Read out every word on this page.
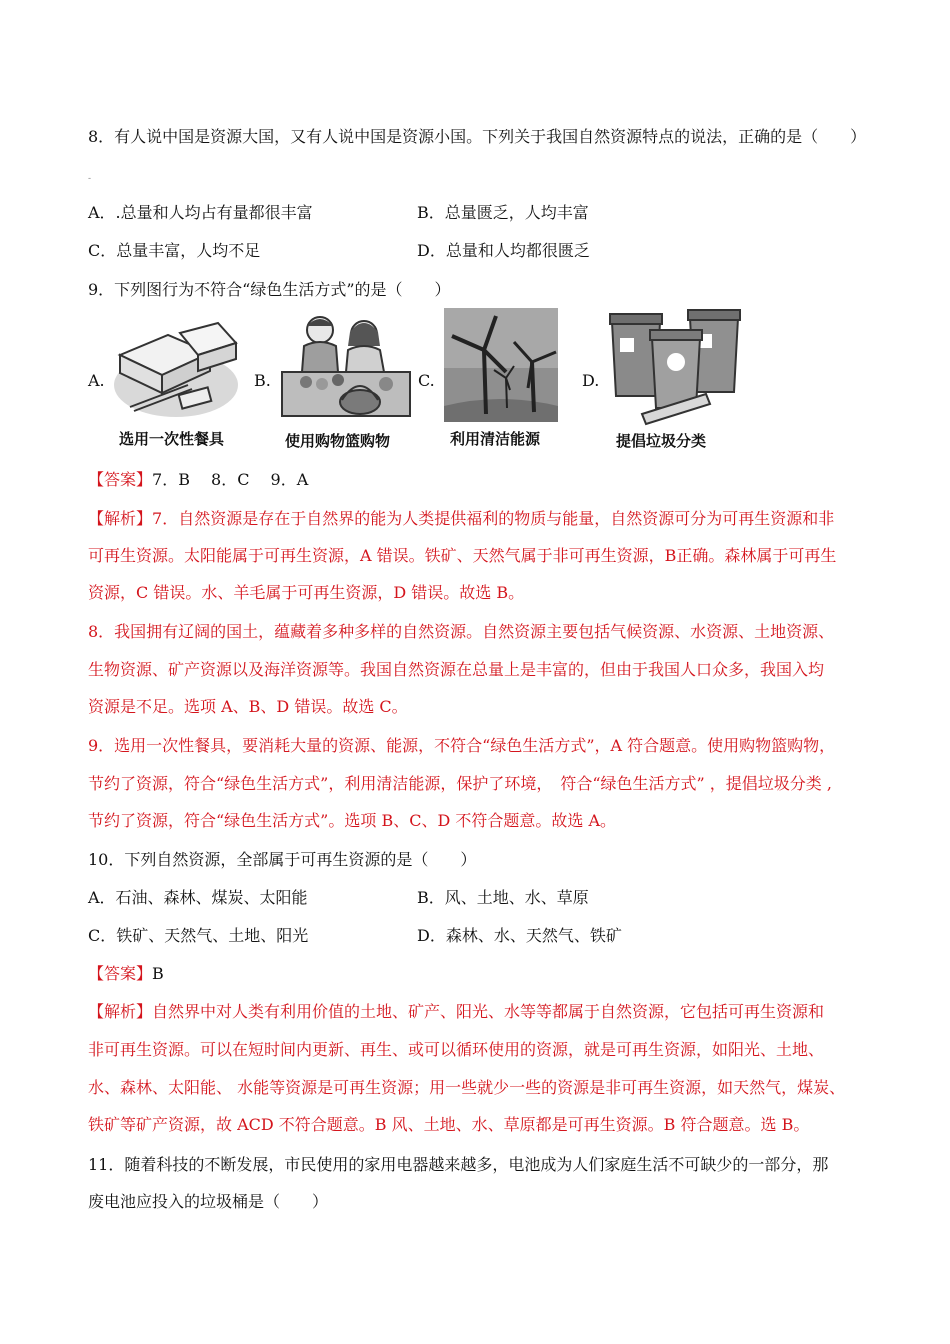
8．有人说中国是资源大国，又有人说中国是资源小国。下列关于我国自然资源特点的说法，正确的是（　　）
-
A．.总量和人均占有量都很丰富	B．总量匮乏，人均丰富
C．总量丰富，人均不足	D．总量和人均都很匮乏
9．下列图行为不符合“绿色生活方式”的是（　　）
A.
选用一次性餐具
B.
使用购物篮购物
C.
利用清洁能源
D.
提倡垃圾分类
【答案】7．B　 8．C　 9．A
【解析】7．自然资源是存在于自然界的能为人类提供福利的物质与能量，自然资源可分为可再生资源和非
可再生资源。太阳能属于可再生资源，A 错误。铁矿、天然气属于非可再生资源，B正确。森林属于可再生
资源，C 错误。水、羊毛属于可再生资源，D 错误。故选 B。
8．我国拥有辽阔的国土，蕴藏着多种多样的自然资源。自然资源主要包括气候资源、水资源、土地资源、
生物资源、矿产资源以及海洋资源等。我国自然资源在总量上是丰富的，但由于我国人口众多，我国入均
资源是不足。选项 A、B、D 错误。故选 C。
9．选用一次性餐具，要消耗大量的资源、能源，不符合“绿色生活方式”，A 符合题意。使用购物篮购物，
节约了资源，符合“绿色生活方式”，利用清洁能源，保护了环境，　符合“绿色生活方式” ，提倡垃圾分类 ,
节约了资源，符合“绿色生活方式”。选项 B、C、D 不符合题意。故选 A。
10．下列自然资源，全部属于可再生资源的是（　　）
A．石油、森林、煤炭、太阳能	B．风、土地、水、草原
C．铁矿、天然气、土地、阳光	D．森林、水、天然气、铁矿
【答案】B
【解析】自然界中对人类有利用价值的土地、矿产、阳光、水等等都属于自然资源，它包括可再生资源和
非可再生资源。可以在短时间内更新、再生、或可以循环使用的资源，就是可再生资源，如阳光、土地、
水、森林、太阳能、 水能等资源是可再生资源；用一些就少一些的资源是非可再生资源，如天然气，煤炭、
铁矿等矿产资源，故 ACD 不符合题意。B 风、土地、水、草原都是可再生资源。B 符合题意。选 B。
11．随着科技的不断发展，市民使用的家用电器越来越多，电池成为人们家庭生活不可缺少的一部分，那
废电池应投入的垃圾桶是（　　）
